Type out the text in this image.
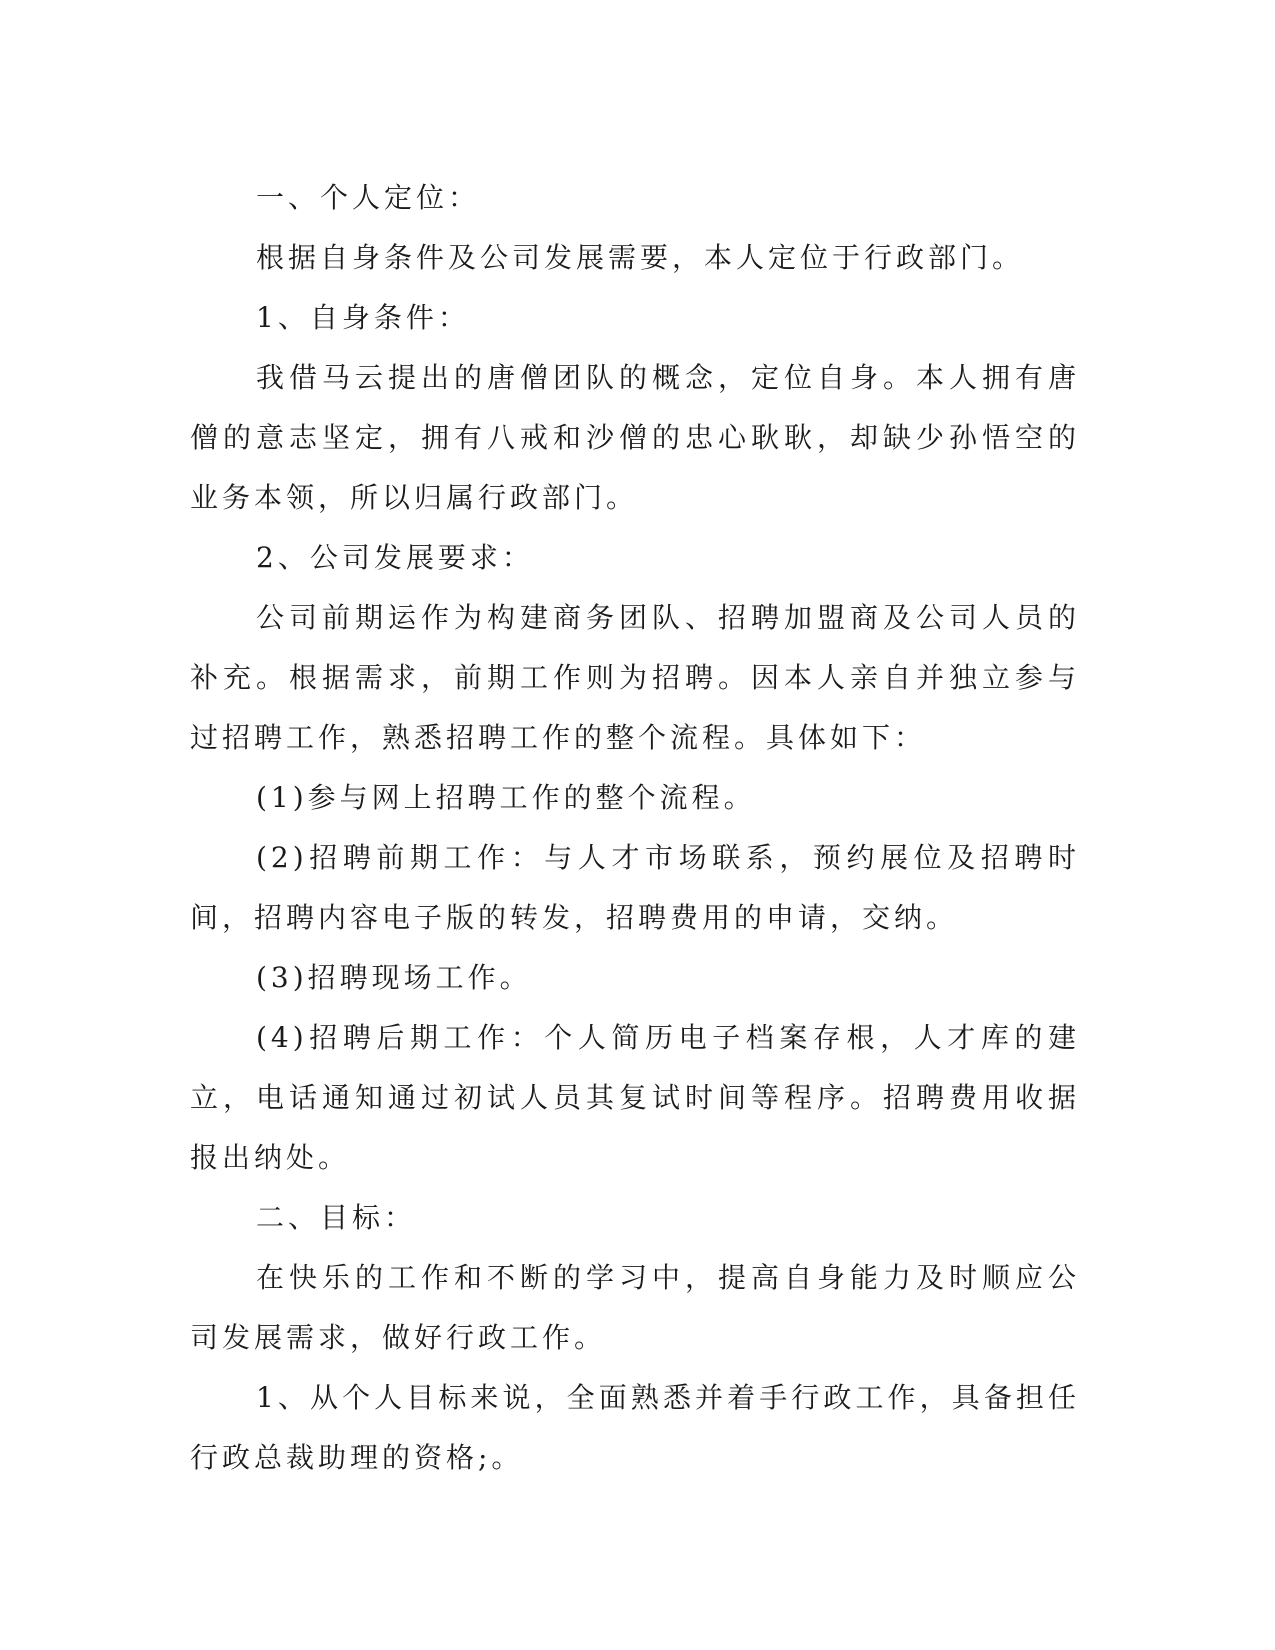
一、个人定位：

根据自身条件及公司发展需要，本人定位于行政部门。

1、自身条件：

我借马云提出的唐僧团队的概念，定位自身。本人拥有唐僧的意志坚定，拥有八戒和沙僧的忠心耿耿，却缺少孙悟空的业务本领，所以归属行政部门。

2、公司发展要求：

公司前期运作为构建商务团队、招聘加盟商及公司人员的补充。根据需求，前期工作则为招聘。因本人亲自并独立参与过招聘工作，熟悉招聘工作的整个流程。具体如下：

(1)参与网上招聘工作的整个流程。

(2)招聘前期工作：与人才市场联系，预约展位及招聘时间，招聘内容电子版的转发，招聘费用的申请，交纳。

(3)招聘现场工作。

(4)招聘后期工作：个人简历电子档案存根，人才库的建立，电话通知通过初试人员其复试时间等程序。招聘费用收据报出纳处。

二、目标：

在快乐的工作和不断的学习中，提高自身能力及时顺应公司发展需求，做好行政工作。

1、从个人目标来说，全面熟悉并着手行政工作，具备担任行政总裁助理的资格;。
